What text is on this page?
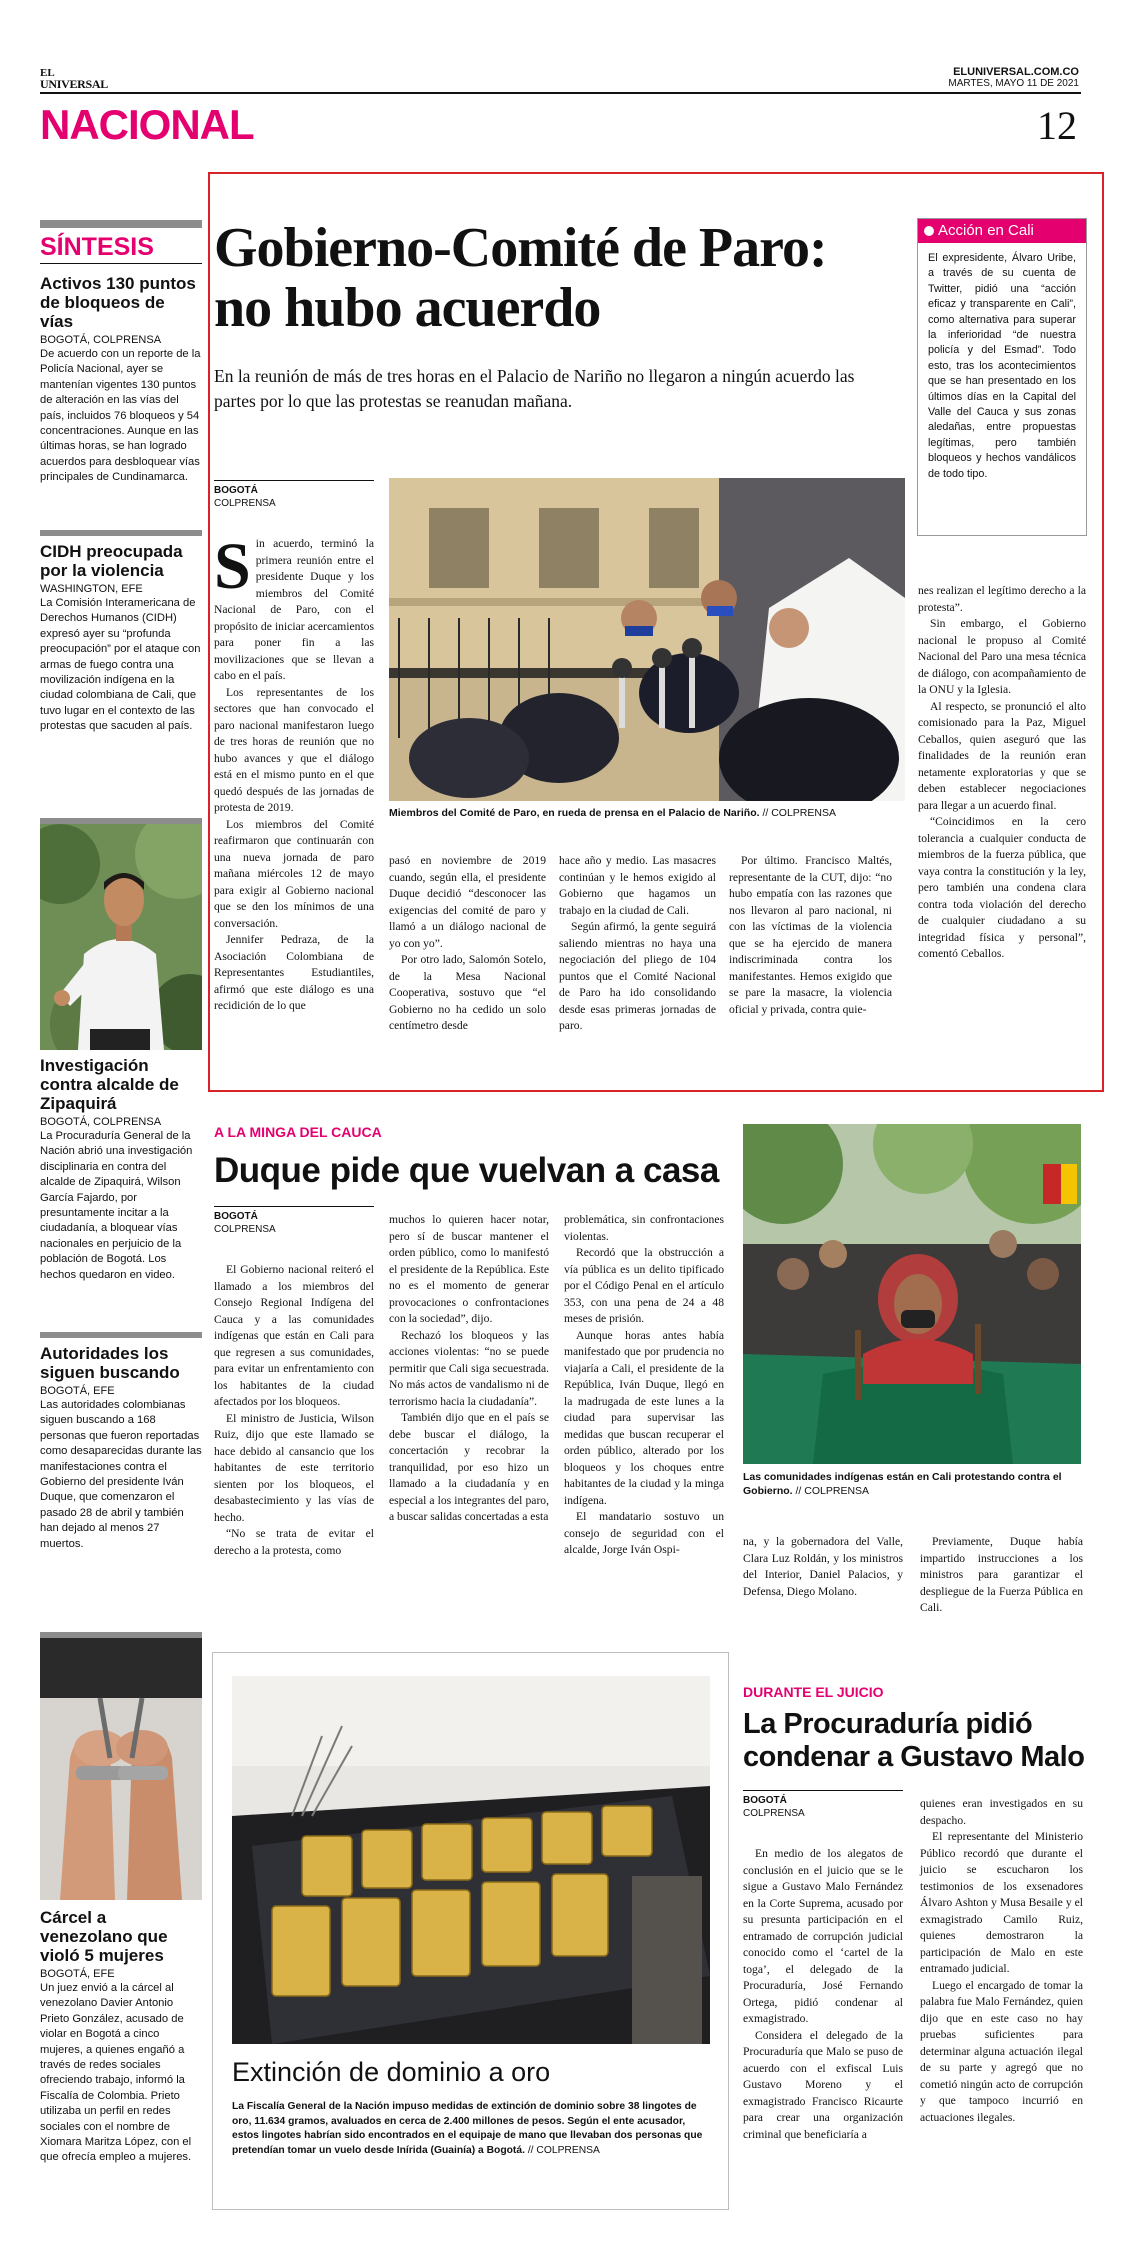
EL
UNIVERSAL
ELUNIVERSAL.COM.CO
MARTES, MAYO 11 DE 2021
NACIONAL	12
SÍNTESIS
Activos 130 puntos de bloqueos de vías
BOGOTÁ, COLPRENSA
De acuerdo con un reporte de la Policía Nacional, ayer se mantenían vigentes 130 puntos de alteración en las vías del país, incluidos 76 bloqueos y 54 concentraciones. Aunque en las últimas horas, se han logrado acuerdos para desbloquear vías principales de Cundinamarca.
CIDH preocupada por la violencia
WASHINGTON, EFE
La Comisión Interamericana de Derechos Humanos (CIDH) expresó ayer su “profunda preocupación” por el ataque con armas de fuego contra una movilización indígena en la ciudad colombiana de Cali, que tuvo lugar en el contexto de las protestas que sacuden al país.
Investigación contra alcalde de Zipaquirá
BOGOTÁ, COLPRENSA
La Procuraduría General de la Nación abrió una investigación disciplinaria en contra del alcalde de Zipaquirá, Wilson García Fajardo, por presuntamente incitar a la ciudadanía, a bloquear vías nacionales en perjuicio de la población de Bogotá. Los hechos quedaron en video.
Autoridades los siguen buscando
BOGOTÁ, EFE
Las autoridades colombianas siguen buscando a 168 personas que fueron reportadas como desaparecidas durante las manifestaciones contra el Gobierno del presidente Iván Duque, que comenzaron el pasado 28 de abril y también han dejado al menos 27 muertos.
Cárcel a venezolano que violó 5 mujeres
BOGOTÁ, EFE
Un juez envió a la cárcel al venezolano Davier Antonio Prieto González, acusado de violar en Bogotá a cinco mujeres, a quienes engañó a través de redes sociales ofreciendo trabajo, informó la Fiscalía de Colombia. Prieto utilizaba un perfil en redes sociales con el nombre de Xiomara Maritza López, con el que ofrecía empleo a mujeres.
Gobierno-Comité de Paro: no hubo acuerdo
En la reunión de más de tres horas en el Palacio de Nariño no llegaron a ningún acuerdo las partes por lo que las protestas se reanudan mañana.
Acción en Cali
El expresidente, Álvaro Uribe, a través de su cuenta de Twitter, pidió una “acción eficaz y transparente en Cali”, como alternativa para superar la inferioridad “de nuestra policía y del Esmad”. Todo esto, tras los acontecimientos que se han presentado en los últimos días en la Capital del Valle del Cauca y sus zonas aledañas, entre propuestas legítimas, pero también bloqueos y hechos vandálicos de todo tipo.
BOGOTÁ
COLPRENSA

Sin acuerdo, terminó la primera reunión entre el presidente Duque y los miembros del Comité Nacional de Paro, con el propósito de iniciar acercamientos para poner fin a las movilizaciones que se llevan a cabo en el país.

Los representantes de los sectores que han convocado el paro nacional manifestaron luego de tres horas de reunión que no hubo avances y que el diálogo está en el mismo punto en el que quedó después de las jornadas de protesta de 2019.

Los miembros del Comité reafirmaron que continuarán con una nueva jornada de paro mañana miércoles 12 de mayo para exigir al Gobierno nacional que se den los mínimos de una conversación.

Jennifer Pedraza, de la Asociación Colombiana de Representantes Estudiantiles, afirmó que este diálogo es una recidición de lo que

Miembros del Comité de Paro, en rueda de prensa en el Palacio de Nariño. // COLPRENSA

pasó en noviembre de 2019 cuando, según ella, el presidente Duque decidió “desconocer las exigencias del comité de paro y llamó a un diálogo nacional de yo con yo”.

Por otro lado, Salomón Sotelo, de la Mesa Nacional Cooperativa, sostuvo que “el Gobierno no ha cedido un solo centímetro desde

hace año y medio. Las masacres continúan y le hemos exigido al Gobierno que hagamos un trabajo en la ciudad de Cali.

Según afirmó, la gente seguirá saliendo mientras no haya una negociación del pliego de 104 puntos que el Comité Nacional de Paro ha ido consolidando desde esas primeras jornadas de paro.

Por último. Francisco Maltés, representante de la CUT, dijo: “no hubo empatía con las razones que nos llevaron al paro nacional, ni con las víctimas de la violencia que se ha ejercido de manera indiscriminada contra los manifestantes. Hemos exigido que se pare la masacre, la violencia oficial y privada, contra quie-

nes realizan el legítimo derecho a la protesta”.

Sin embargo, el Gobierno nacional le propuso al Comité Nacional del Paro una mesa técnica de diálogo, con acompañamiento de la ONU y la Iglesia.

Al respecto, se pronunció el alto comisionado para la Paz, Miguel Ceballos, quien aseguró que las finalidades de la reunión eran netamente exploratorias y que se deben establecer negociaciones para llegar a un acuerdo final.

“Coincidimos en la cero tolerancia a cualquier conducta de miembros de la fuerza pública, que vaya contra la constitución y la ley, pero también una condena clara contra toda violación del derecho de cualquier ciudadano a su integridad física y personal”, comentó Ceballos.

A LA MINGA DEL CAUCA
Duque pide que vuelvan a casa
BOGOTÁ
COLPRENSA

El Gobierno nacional reiteró el llamado a los miembros del Consejo Regional Indígena del Cauca y a las comunidades indígenas que están en Cali para que regresen a sus comunidades, para evitar un enfrentamiento con los habitantes de la ciudad afectados por los bloqueos.

El ministro de Justicia, Wilson Ruiz, dijo que este llamado se hace debido al cansancio que los habitantes de este territorio sienten por los bloqueos, el desabastecimiento y las vías de hecho.

“No se trata de evitar el derecho a la protesta, como

muchos lo quieren hacer notar, pero sí de buscar mantener el orden público, como lo manifestó el presidente de la República. Este no es el momento de generar provocaciones o confrontaciones con la sociedad”, dijo.

Rechazó los bloqueos y las acciones violentas: “no se puede permitir que Cali siga secuestrada. No más actos de vandalismo ni de terrorismo hacia la ciudadanía”.

También dijo que en el país se debe buscar el diálogo, la concertación y recobrar la tranquilidad, por eso hizo un llamado a la ciudadanía y en especial a los integrantes del paro, a buscar salidas concertadas a esta

problemática, sin confrontaciones violentas.

Recordó que la obstrucción a vía pública es un delito tipificado por el Código Penal en el artículo 353, con una pena de 24 a 48 meses de prisión.

Aunque horas antes había manifestado que por prudencia no viajaría a Cali, el presidente de la República, Iván Duque, llegó en la madrugada de este lunes a la ciudad para supervisar las medidas que buscan recuperar el orden público, alterado por los bloqueos y los choques entre habitantes de la ciudad y la minga indígena.

El mandatario sostuvo un consejo de seguridad con el alcalde, Jorge Iván Ospi-

Las comunidades indígenas están en Cali protestando contra el Gobierno. // COLPRENSA

na, y la gobernadora del Valle, Clara Luz Roldán, y los ministros del Interior, Daniel Palacios, y Defensa, Diego Molano.

Previamente, Duque había impartido instrucciones a los ministros para garantizar el despliegue de la Fuerza Pública en Cali.

Extinción de dominio a oro
La Fiscalía General de la Nación impuso medidas de extinción de dominio sobre 38 lingotes de oro, 11.634 gramos, avaluados en cerca de 2.400 millones de pesos. Según el ente acusador, estos lingotes habrían sido encontrados en el equipaje de mano que llevaban dos personas que pretendían tomar un vuelo desde Inírida (Guainía) a Bogotá. // COLPRENSA
DURANTE EL JUICIO
La Procuraduría pidió condenar a Gustavo Malo
BOGOTÁ
COLPRENSA

En medio de los alegatos de conclusión en el juicio que se le sigue a Gustavo Malo Fernández en la Corte Suprema, acusado por su presunta participación en el entramado de corrupción judicial conocido como el ‘cartel de la toga’, el delegado de la Procuraduría, José Fernando Ortega, pidió condenar al exmagistrado.

Considera el delegado de la Procuraduría que Malo se puso de acuerdo con el exfiscal Luis Gustavo Moreno y el exmagistrado Francisco Ricaurte para crear una organización criminal que beneficiaría a

quienes eran investigados en su despacho.

El representante del Ministerio Público recordó que durante el juicio se escucharon los testimonios de los exsenadores Álvaro Ashton y Musa Besaile y el exmagistrado Camilo Ruiz, quienes demostraron la participación de Malo en este entramado judicial.

Luego el encargado de tomar la palabra fue Malo Fernández, quien dijo que en este caso no hay pruebas suficientes para determinar alguna actuación ilegal de su parte y agregó que no cometió ningún acto de corrupción y que tampoco incurrió en actuaciones ilegales.
